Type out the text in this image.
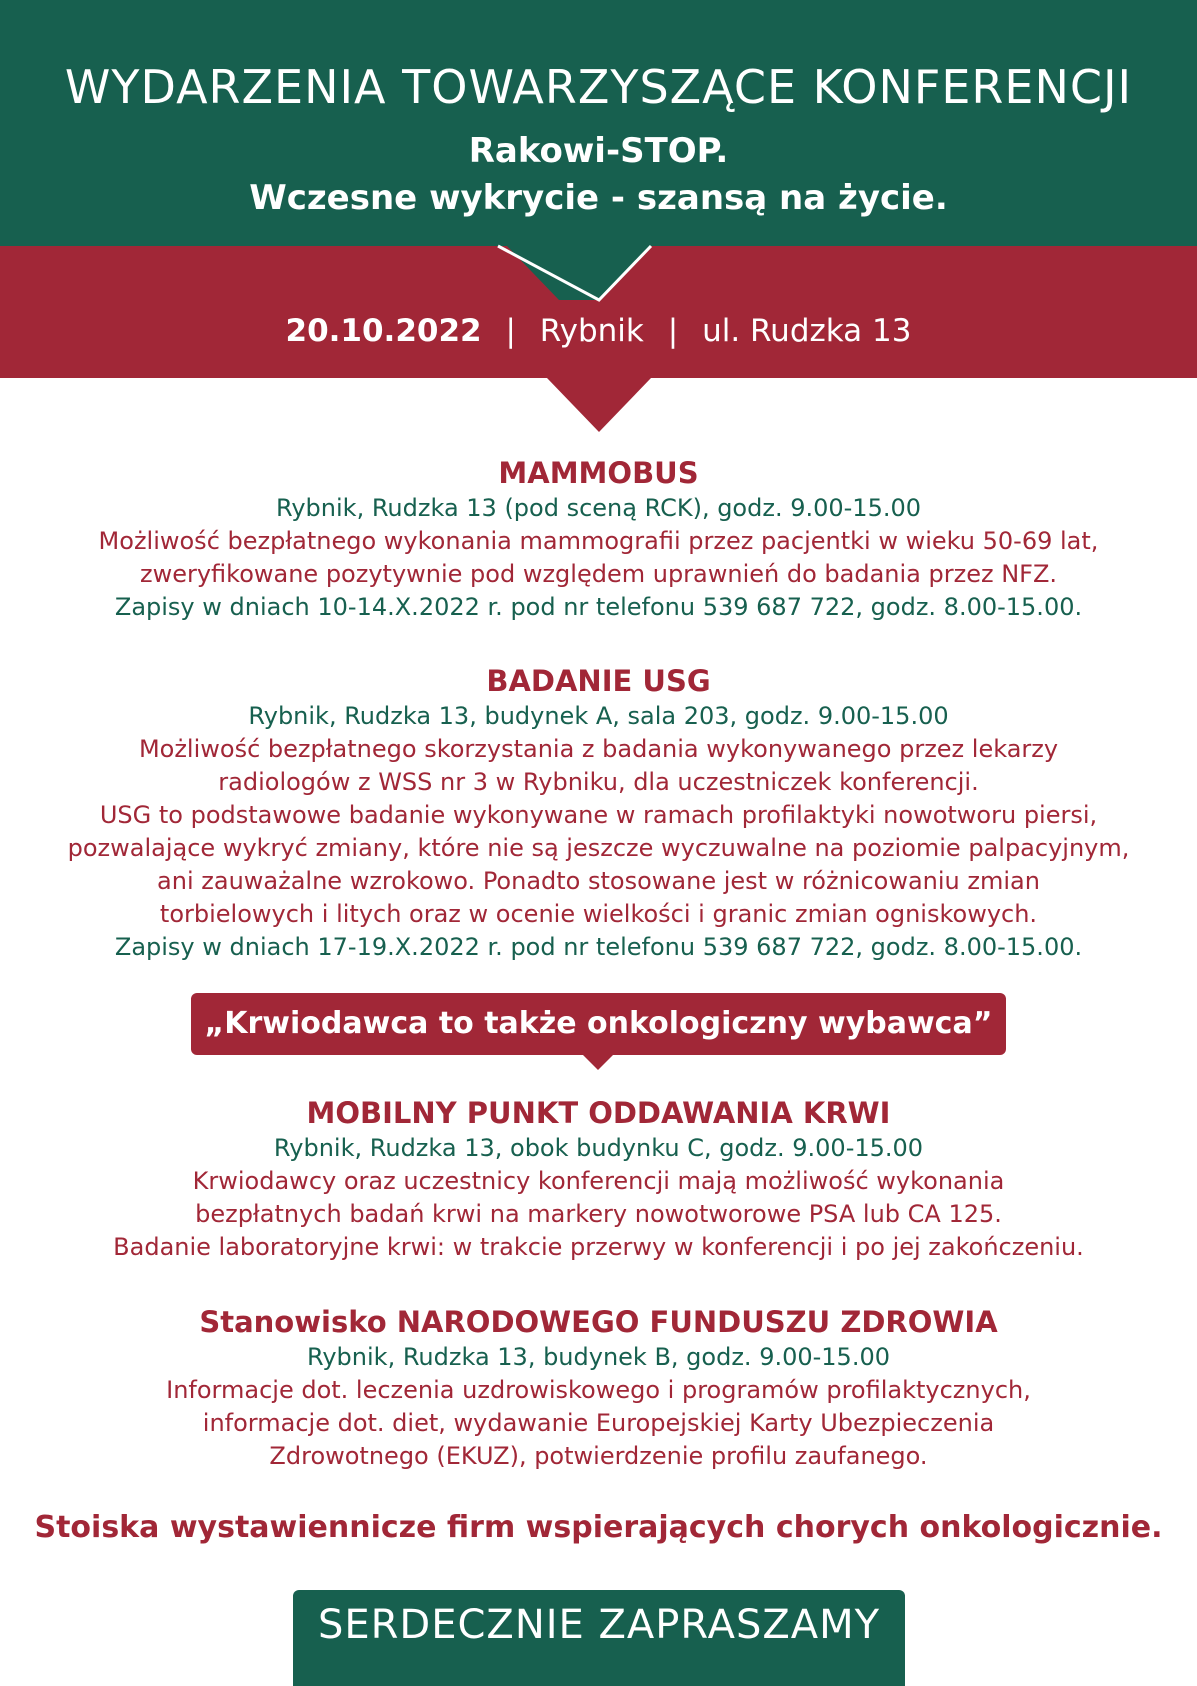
WYDARZENIA TOWARZYSZĄCE KONFERENCJI
Rakowi-STOP.
Wczesne wykrycie - szansą na życie.
20.10.2022 | Rybnik | ul. Rudzka 13
MAMMOBUS

Rybnik, Rudzka 13 (pod sceną RCK), godz. 9.00-15.00

Możliwość bezpłatnego wykonania mammografii przez pacjentki w wieku 50-69 lat,

zweryfikowane pozytywnie pod względem uprawnień do badania przez NFZ.

Zapisy w dniach 10-14.X.2022 r. pod nr telefonu 539 687 722, godz. 8.00-15.00.

BADANIE USG

Rybnik, Rudzka 13, budynek A, sala 203, godz. 9.00-15.00

Możliwość bezpłatnego skorzystania z badania wykonywanego przez lekarzy

radiologów z WSS nr 3 w Rybniku, dla uczestniczek konferencji.

USG to podstawowe badanie wykonywane w ramach profilaktyki nowotworu piersi,

pozwalające wykryć zmiany, które nie są jeszcze wyczuwalne na poziomie palpacyjnym,

ani zauważalne wzrokowo. Ponadto stosowane jest w różnicowaniu zmian

torbielowych i litych oraz w ocenie wielkości i granic zmian ogniskowych.

Zapisy w dniach 17-19.X.2022 r. pod nr telefonu 539 687 722, godz. 8.00-15.00.

„Krwiodawca to także onkologiczny wybawca”
MOBILNY PUNKT ODDAWANIA KRWI

Rybnik, Rudzka 13, obok budynku C, godz. 9.00-15.00

Krwiodawcy oraz uczestnicy konferencji mają możliwość wykonania

bezpłatnych badań krwi na markery nowotworowe PSA lub CA 125.

Badanie laboratoryjne krwi: w trakcie przerwy w konferencji i po jej zakończeniu.

Stanowisko NARODOWEGO FUNDUSZU ZDROWIA

Rybnik, Rudzka 13, budynek B, godz. 9.00-15.00

Informacje dot. leczenia uzdrowiskowego i programów profilaktycznych,

informacje dot. diet, wydawanie Europejskiej Karty Ubezpieczenia

Zdrowotnego (EKUZ), potwierdzenie profilu zaufanego.

Stoiska wystawiennicze firm wspierających chorych onkologicznie.
SERDECZNIE ZAPRASZAMY
